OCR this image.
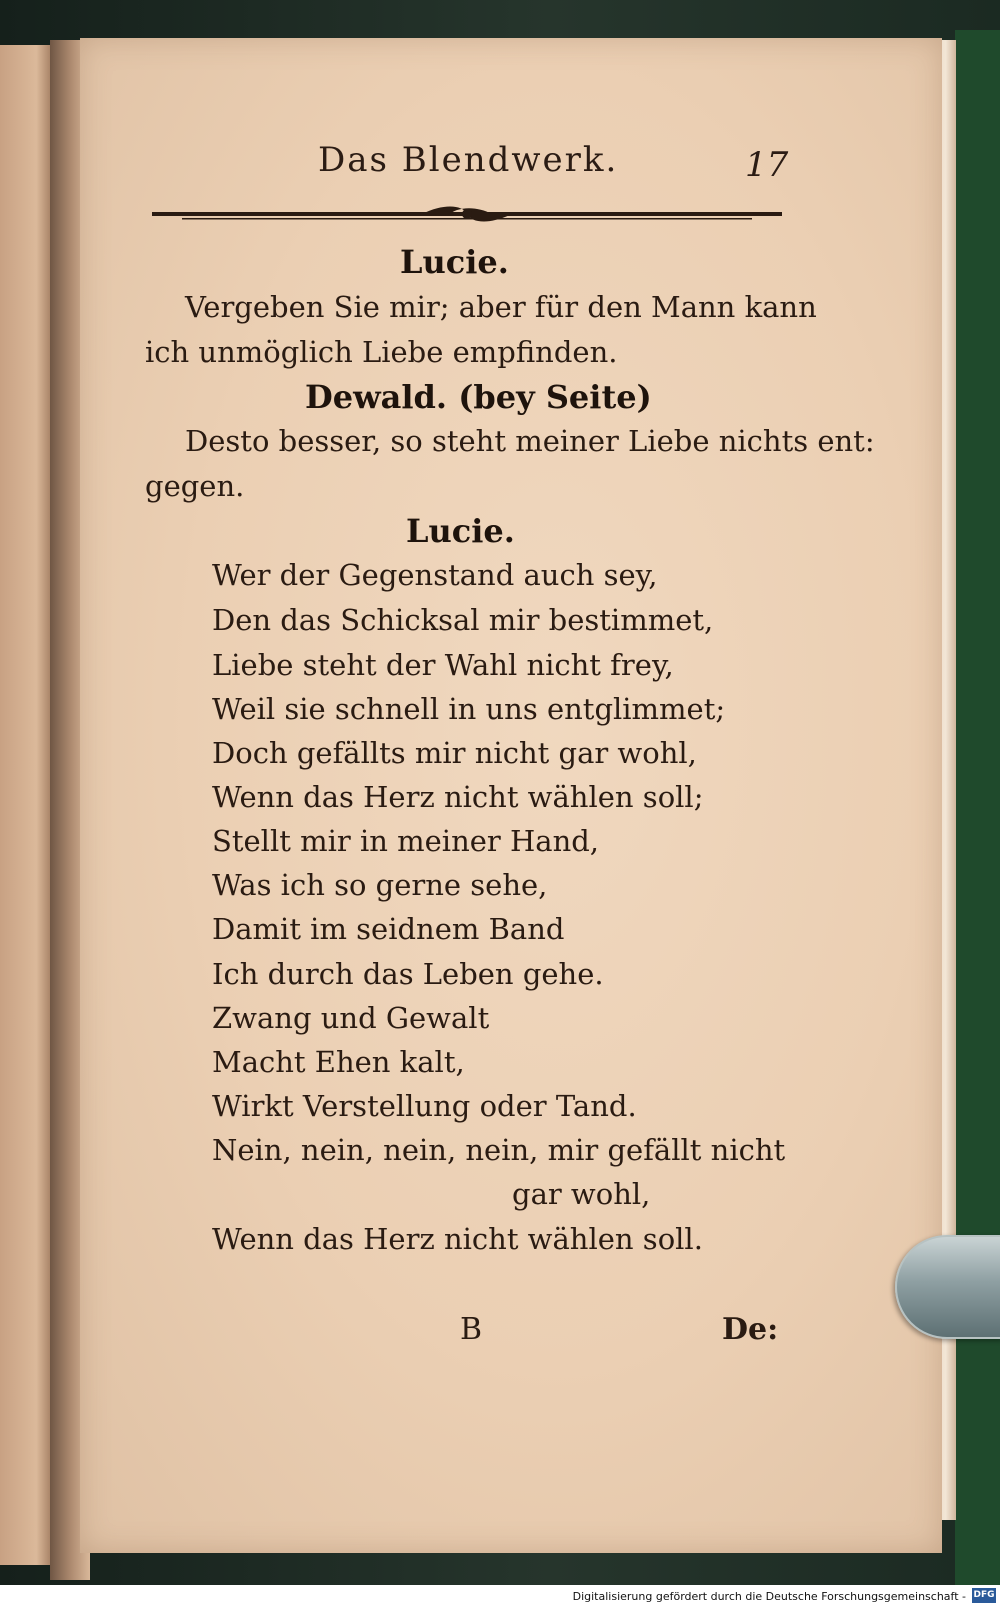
Das Blendwerk.	17
Lucie.
Vergeben Sie mir; aber für den Mann kann
ich unmöglich Liebe empfinden.
Dewald. (bey Seite)
Desto besser, so steht meiner Liebe nichts ent:
gegen.
Lucie.
Wer der Gegenstand auch sey,
Den das Schicksal mir bestimmet,
Liebe steht der Wahl nicht frey,
Weil sie schnell in uns entglimmet;
Doch gefällts mir nicht gar wohl,
Wenn das Herz nicht wählen soll;
Stellt mir in meiner Hand,
Was ich so gerne sehe,
Damit im seidnem Band
Ich durch das Leben gehe.
Zwang und Gewalt
Macht Ehen kalt,
Wirkt Verstellung oder Tand.
Nein, nein, nein, nein, mir gefällt nicht
gar wohl,
Wenn das Herz nicht wählen soll.
B	De:
Digitalisierung gefördert durch die Deutsche Forschungsgemeinschaft - DFG
